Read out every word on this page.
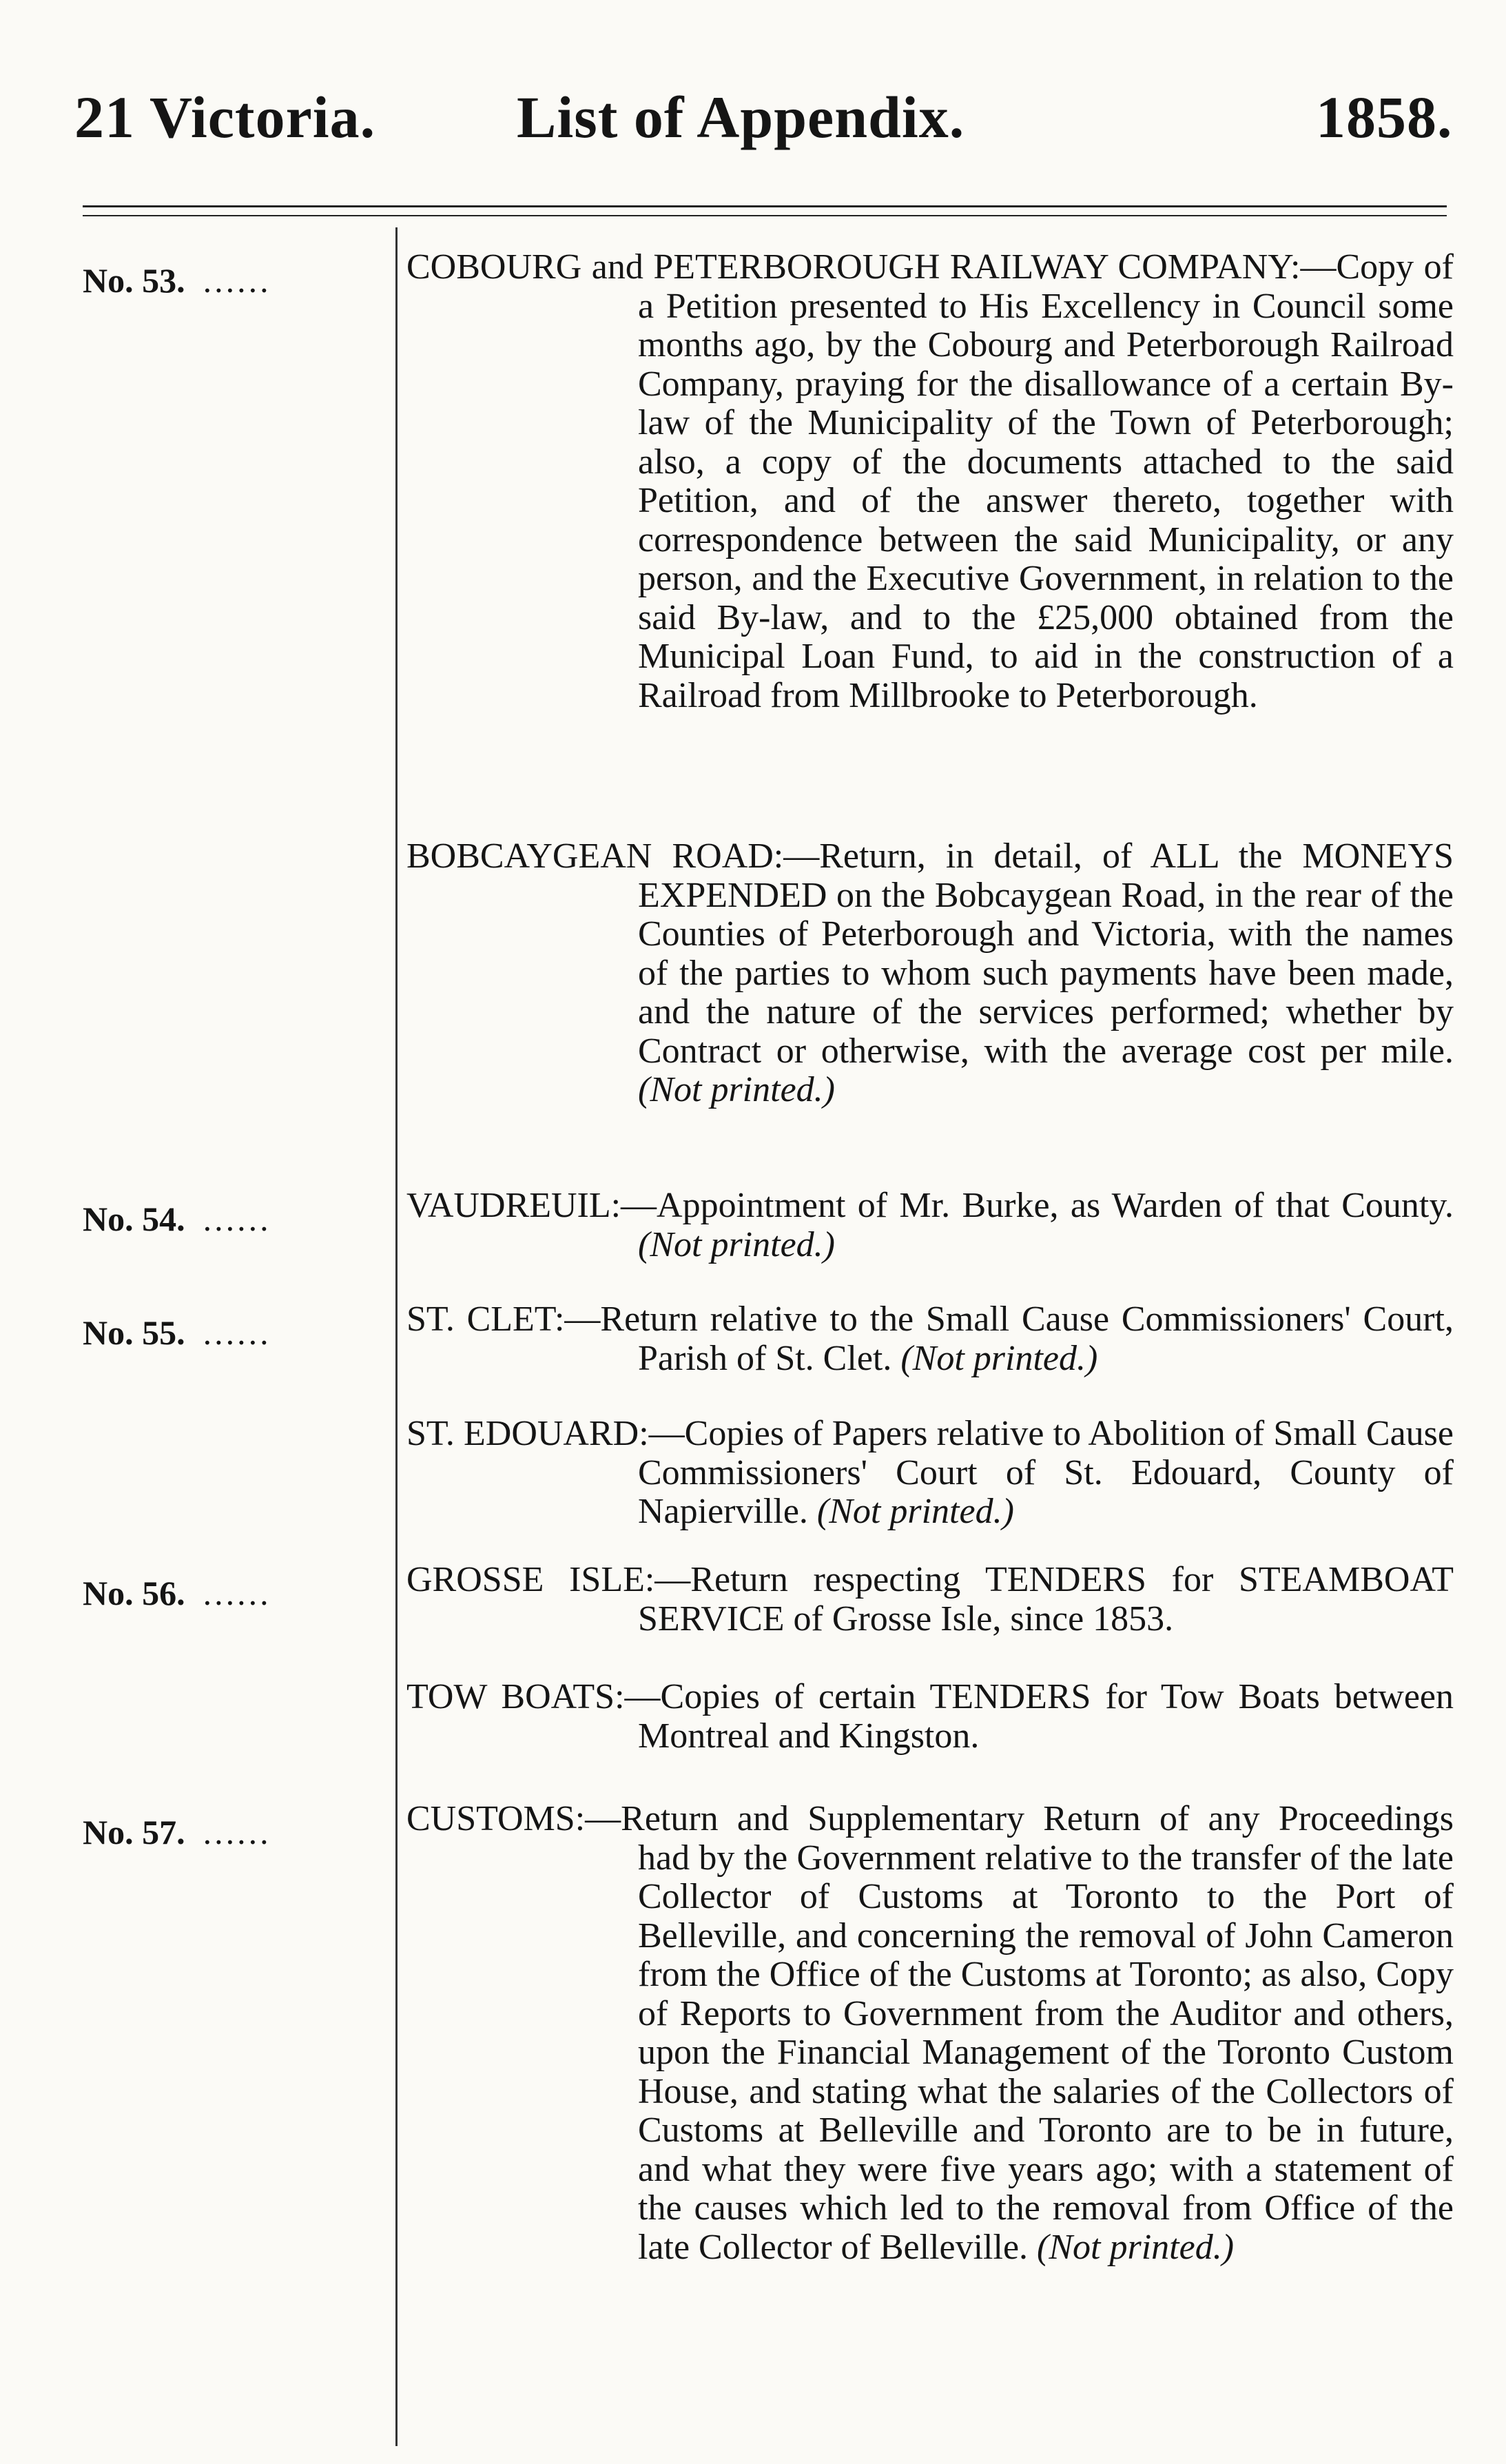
21 Victoria. List of Appendix.	1858.
No. 53. ......	COBOURG and PETERBOROUGH RAILWAY COMPANY:—Copy of a Petition presented to His Excellency in Council some months ago, by the Cobourg and Peterborough Railroad Company, praying for the disallowance of a certain By-law of the Municipality of the Town of Peterborough; also, a copy of the documents attached to the said Petition, and of the answer thereto, together with correspondence between the said Municipality, or any person, and the Executive Government, in relation to the said By-law, and to the £25,000 obtained from the Municipal Loan Fund, to aid in the construction of a Railroad from Millbrooke to Peterborough.

BOBCAYGEAN ROAD:—Return, in detail, of ALL the MONEYS EXPENDED on the Bobcaygean Road, in the rear of the Counties of Peterborough and Victoria, with the names of the parties to whom such payments have been made, and the nature of the services performed; whether by Contract or otherwise, with the average cost per mile. (Not printed.)

No. 54. ......	VAUDREUIL:—Appointment of Mr. Burke, as Warden of that County. (Not printed.)

No. 55. ......	ST. CLET:—Return relative to the Small Cause Commissioners' Court, Parish of St. Clet. (Not printed.)

ST. EDOUARD:—Copies of Papers relative to Abolition of Small Cause Commissioners' Court of St. Edouard, County of Napierville. (Not printed.)

No. 56. ......	GROSSE ISLE:—Return respecting TENDERS for STEAMBOAT SERVICE of Grosse Isle, since 1853.

TOW BOATS:—Copies of certain TENDERS for Tow Boats between Montreal and Kingston.

No. 57. ......	CUSTOMS:—Return and Supplementary Return of any Proceedings had by the Government relative to the transfer of the late Collector of Customs at Toronto to the Port of Belleville, and concerning the removal of John Cameron from the Office of the Customs at Toronto; as also, Copy of Reports to Government from the Auditor and others, upon the Financial Management of the Toronto Custom House, and stating what the salaries of the Collectors of Customs at Belleville and Toronto are to be in future, and what they were five years ago; with a statement of the causes which led to the removal from Office of the late Collector of Belleville. (Not printed.)
